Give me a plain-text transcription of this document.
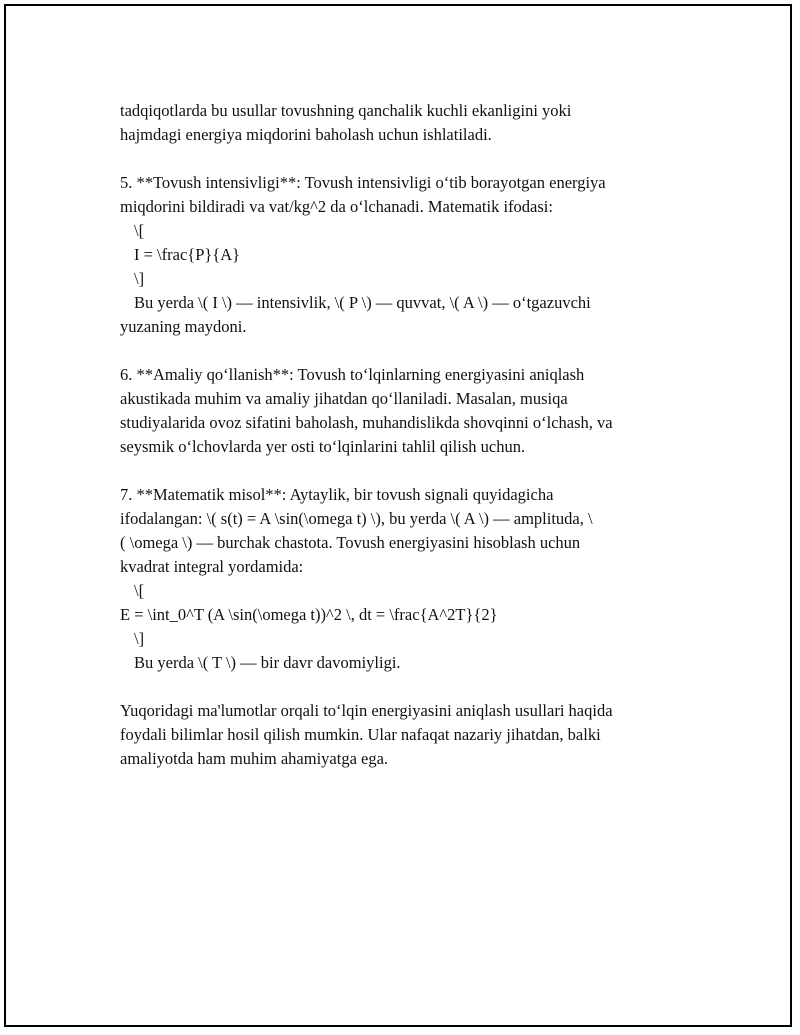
tadqiqotlarda bu usullar tovushning qanchalik kuchli ekanligini yoki
hajmdagi energiya miqdorini baholash uchun ishlatiladi.
5. **Tovush intensivligi**: Tovush intensivligi o‘tib borayotgan energiya
miqdorini bildiradi va vat/kg^2 da o‘lchanadi. Matematik ifodasi:
\[
I = \frac{P}{A}
\]
Bu yerda \( I \) — intensivlik, \( P \) — quvvat, \( A \) — o‘tgazuvchi
yuzaning maydoni.
6. **Amaliy qo‘llanish**: Tovush to‘lqinlarning energiyasini aniqlash
akustikada muhim va amaliy jihatdan qo‘llaniladi. Masalan, musiqa
studiyalarida ovoz sifatini baholash, muhandislikda shovqinni o‘lchash, va
seysmik o‘lchovlarda yer osti to‘lqinlarini tahlil qilish uchun.
7. **Matematik misol**: Aytaylik, bir tovush signali quyidagicha
ifodalangan: \( s(t) = A \sin(\omega t) \), bu yerda \( A \) — amplituda, \
( \omega \) — burchak chastota. Tovush energiyasini hisoblash uchun
kvadrat integral yordamida:
\[
E = \int_0^T (A \sin(\omega t))^2 \, dt = \frac{A^2T}{2}
\]
Bu yerda \( T \) — bir davr davomiyligi.
Yuqoridagi ma'lumotlar orqali to‘lqin energiyasini aniqlash usullari haqida
foydali bilimlar hosil qilish mumkin. Ular nafaqat nazariy jihatdan, balki
amaliyotda ham muhim ahamiyatga ega.
